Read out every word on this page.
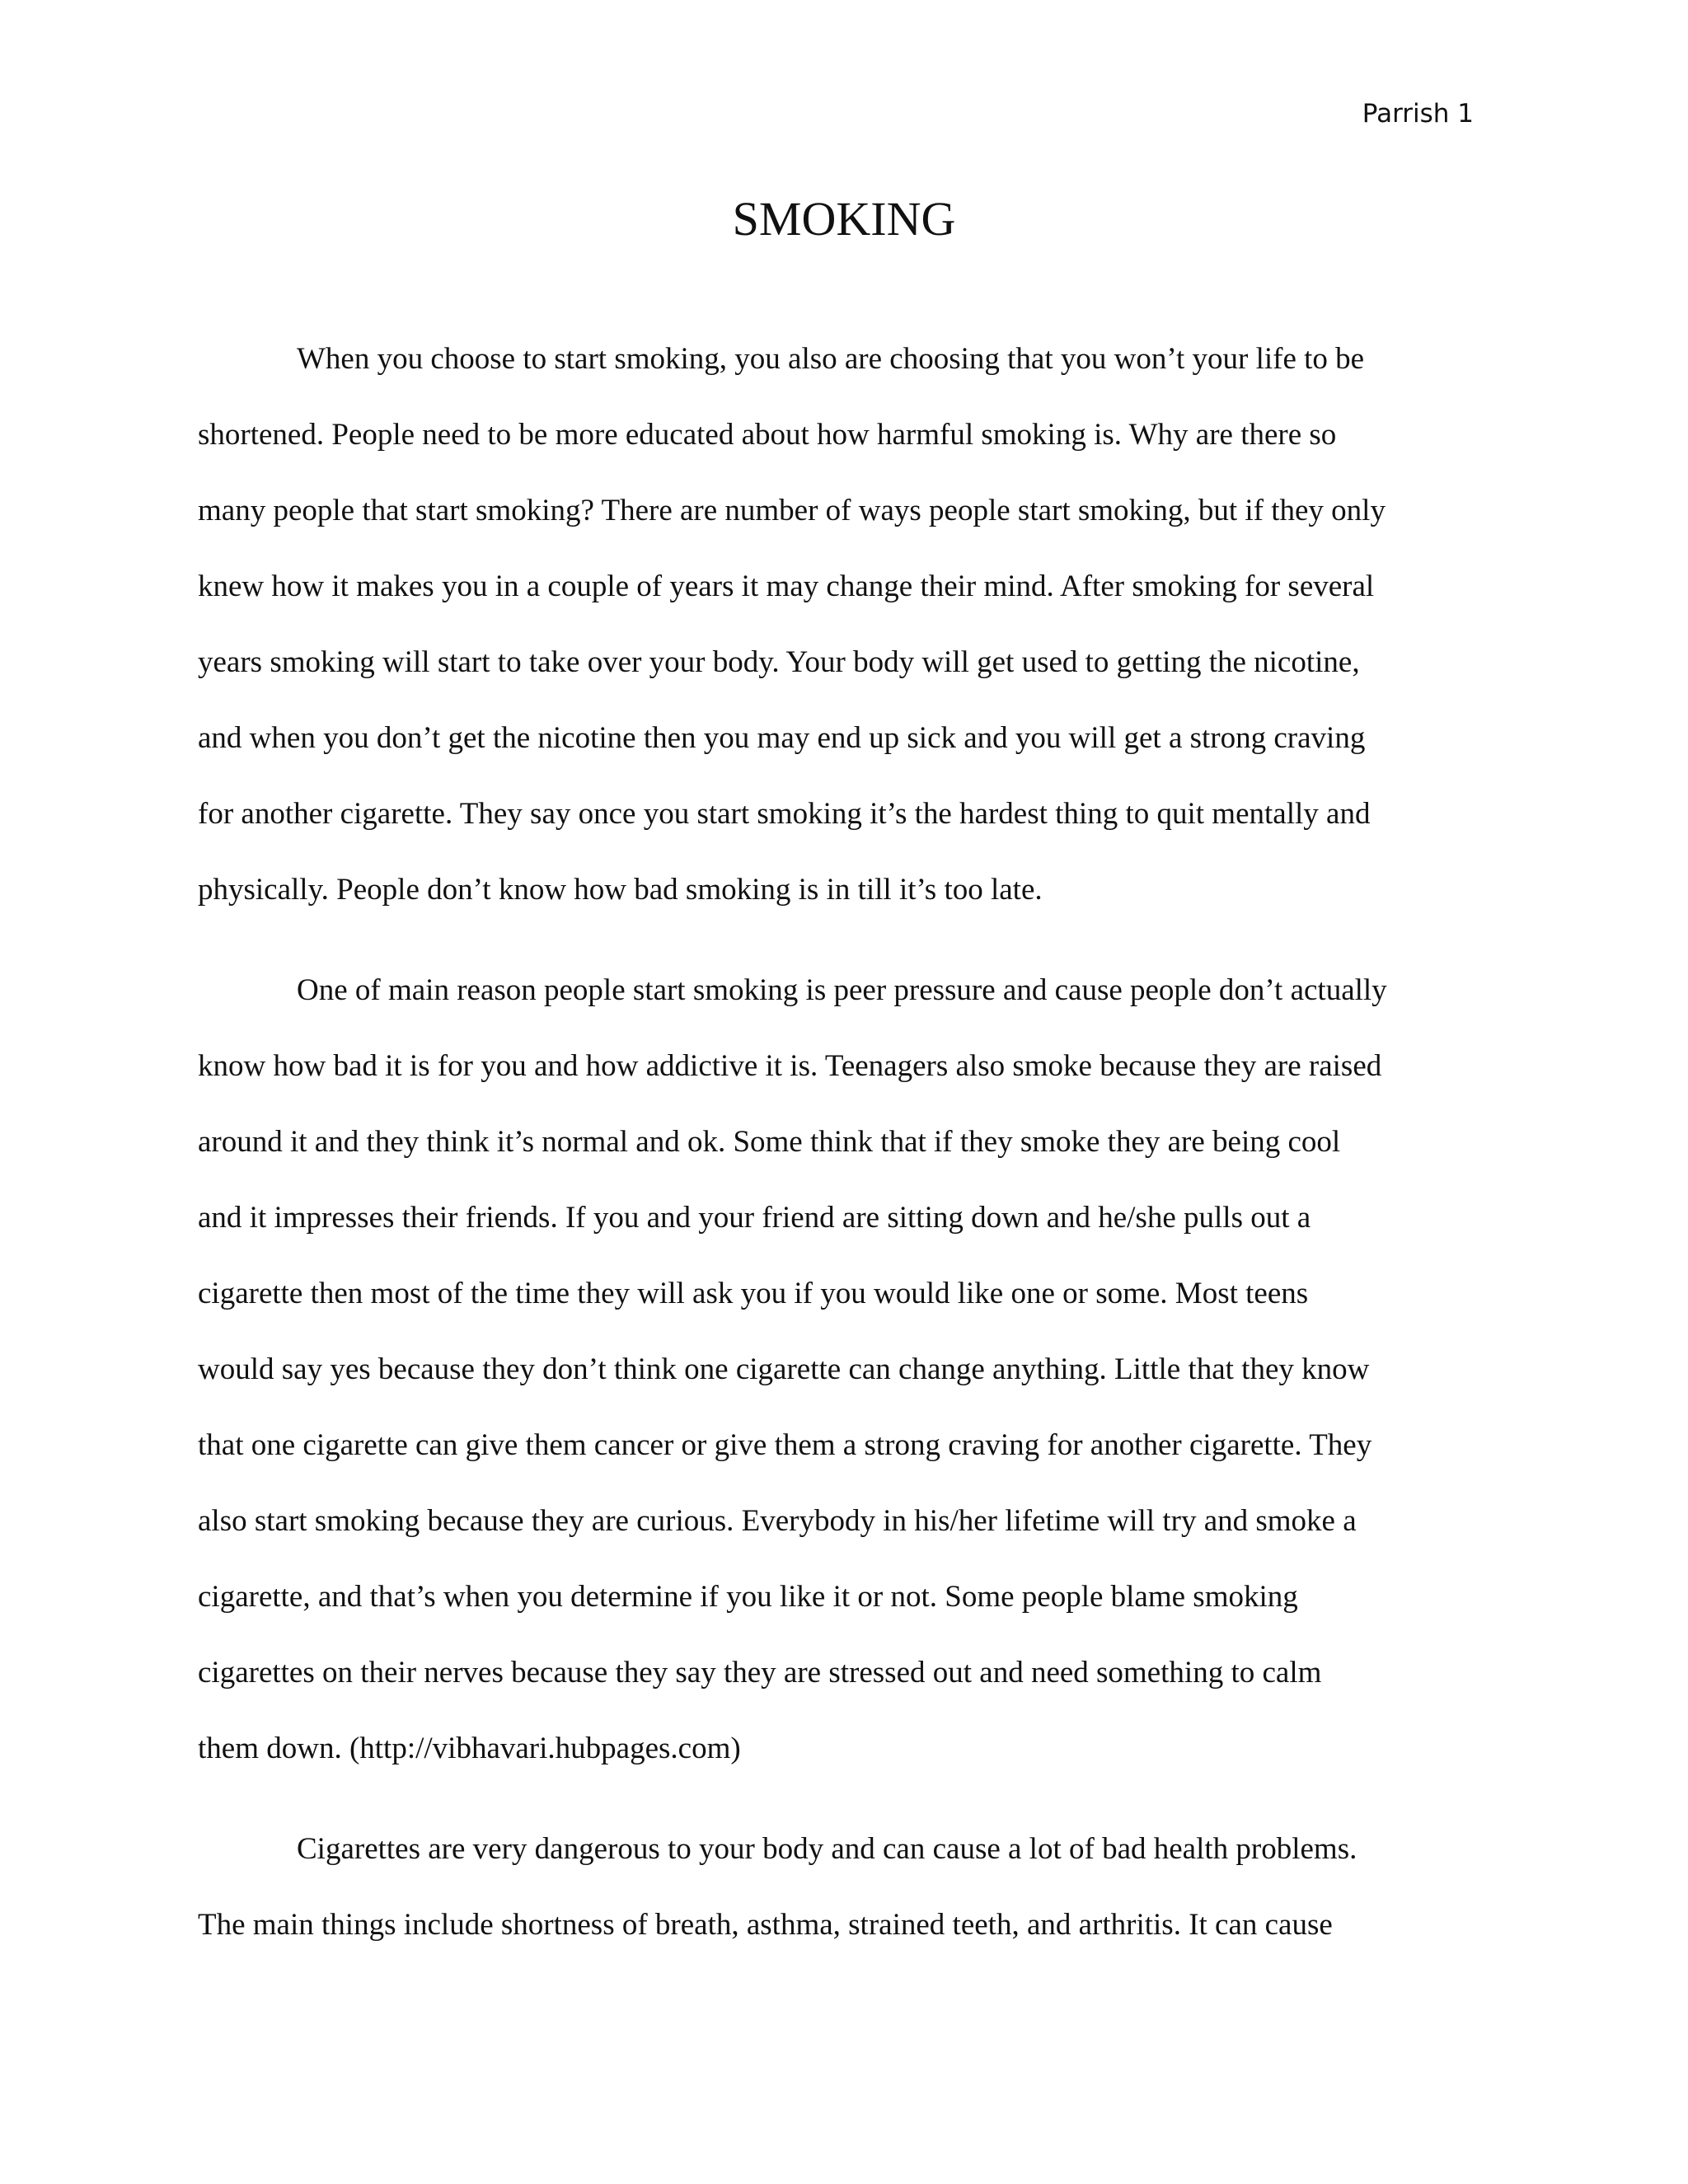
Parrish 1
SMOKING
When you choose to start smoking, you also are choosing that you won’t your life to be
shortened. People need to be more educated about how harmful smoking is. Why are there so
many people that start smoking? There are number of ways people start smoking, but if they only
knew how it makes you in a couple of years it may change their mind. After smoking for several
years smoking will start to take over your body. Your body will get used to getting the nicotine,
and when you don’t get the nicotine then you may end up sick and you will get a strong craving
for another cigarette. They say once you start smoking it’s the hardest thing to quit mentally and
physically. People don’t know how bad smoking is in till it’s too late.
One of main reason people start smoking is peer pressure and cause people don’t actually
know how bad it is for you and how addictive it is. Teenagers also smoke because they are raised
around it and they think it’s normal and ok. Some think that if they smoke they are being cool
and it impresses their friends. If you and your friend are sitting down and he/she pulls out a
cigarette then most of the time they will ask you if you would like one or some. Most teens
would say yes because they don’t think one cigarette can change anything. Little that they know
that one cigarette can give them cancer or give them a strong craving for another cigarette. They
also start smoking because they are curious. Everybody in his/her lifetime will try and smoke a
cigarette, and that’s when you determine if you like it or not. Some people blame smoking
cigarettes on their nerves because they say they are stressed out and need something to calm
them down. (http://vibhavari.hubpages.com)
Cigarettes are very dangerous to your body and can cause a lot of bad health problems.
The main things include shortness of breath, asthma, strained teeth, and arthritis. It can cause
